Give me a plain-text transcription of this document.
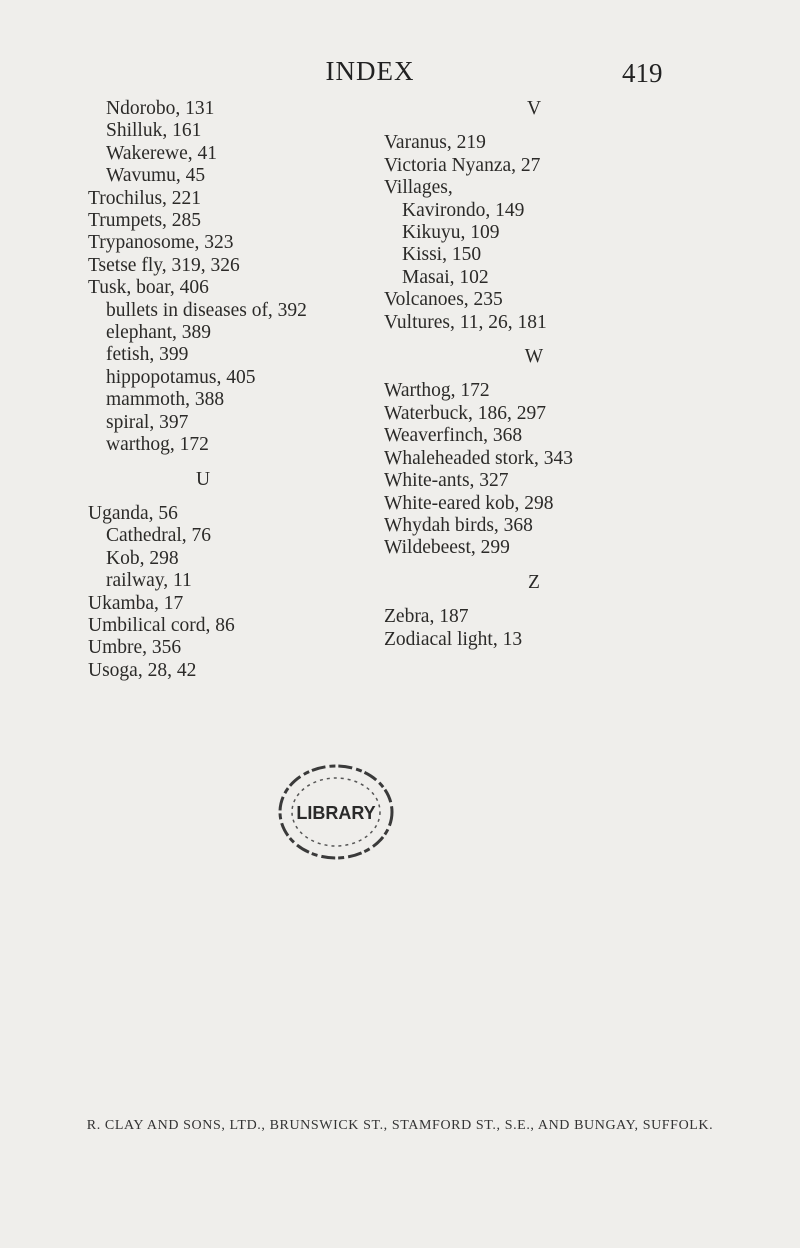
INDEX	419
Ndorobo, 131
Shilluk, 161
Wakerewe, 41
Wavumu, 45
Trochilus, 221
Trumpets, 285
Trypanosome, 323
Tsetse fly, 319, 326
Tusk, boar, 406
bullets in diseases of, 392
elephant, 389
fetish, 399
hippopotamus, 405
mammoth, 388
spiral, 397
warthog, 172
U
Uganda, 56
Cathedral, 76
Kob, 298
railway, 11
Ukamba, 17
Umbilical cord, 86
Umbre, 356
Usoga, 28, 42
V
Varanus, 219
Victoria Nyanza, 27
Villages,
Kavirondo, 149
Kikuyu, 109
Kissi, 150
Masai, 102
Volcanoes, 235
Vultures, 11, 26, 181
W
Warthog, 172
Waterbuck, 186, 297
Weaverfinch, 368
Whaleheaded stork, 343
White-ants, 327
White-eared kob, 298
Whydah birds, 368
Wildebeest, 299
Z
Zebra, 187
Zodiacal light, 13
LIBRARY
R. CLAY AND SONS, LTD., BRUNSWICK ST., STAMFORD ST., S.E., AND BUNGAY, SUFFOLK.
